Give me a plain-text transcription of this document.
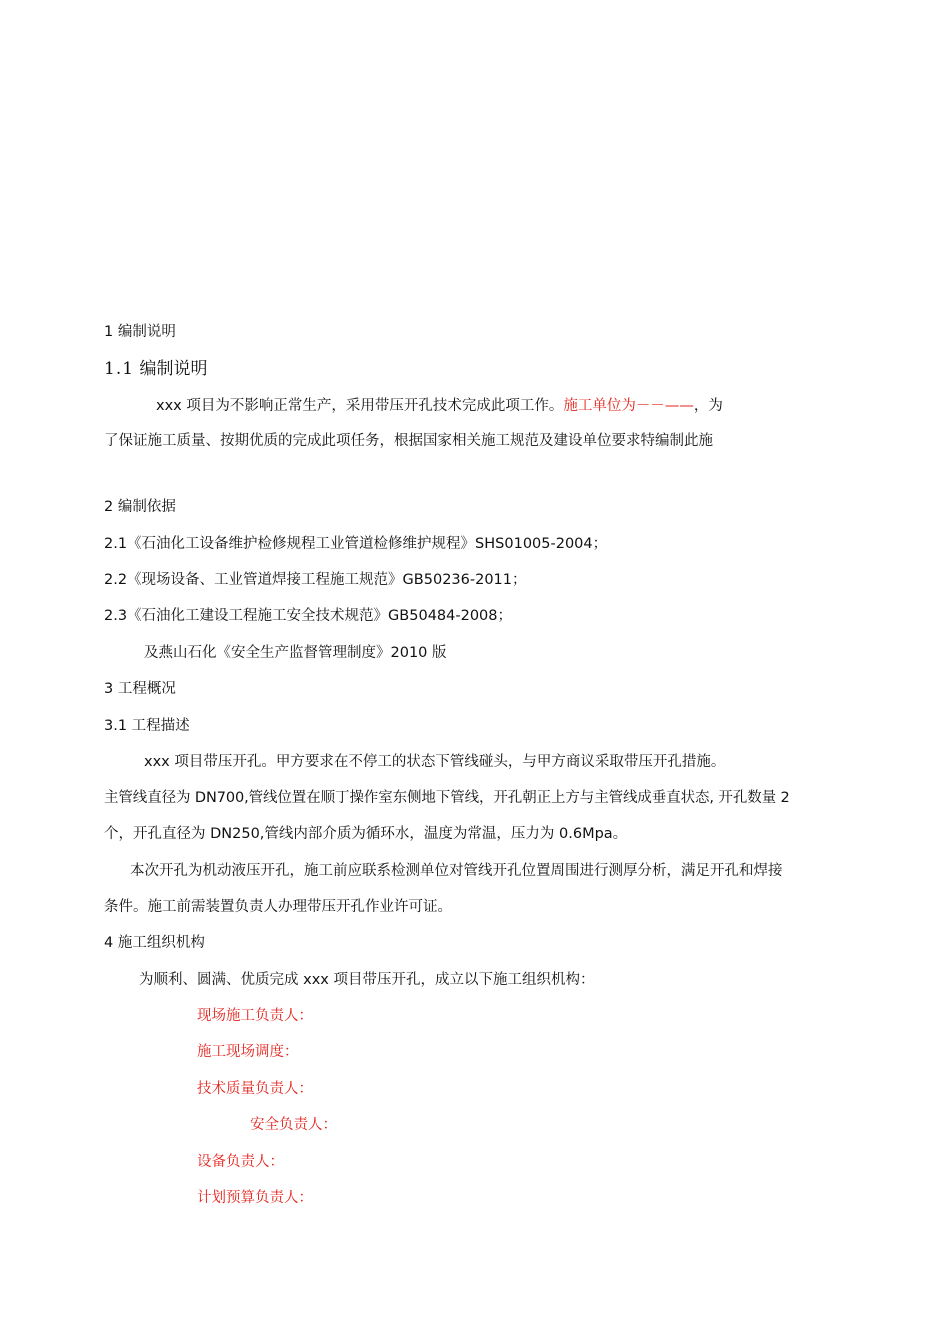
1 编制说明
1.1 编制说明
xxx 项目为不影响正常生产，采用带压开孔技术完成此项工作。施工单位为－－——，为
了保证施工质量、按期优质的完成此项任务，根据国家相关施工规范及建设单位要求特编制此施
2 编制依据
2.1《石油化工设备维护检修规程工业管道检修维护规程》SHS01005-2004；
2.2《现场设备、工业管道焊接工程施工规范》GB50236-2011；
2.3《石油化工建设工程施工安全技术规范》GB50484-2008；
及燕山石化《安全生产监督管理制度》2010 版
3 工程概况
3.1 工程描述
xxx 项目带压开孔。甲方要求在不停工的状态下管线碰头，与甲方商议采取带压开孔措施。
主管线直径为 DN700,管线位置在顺丁操作室东侧地下管线，开孔朝正上方与主管线成垂直状态, 开孔数量 2
个，开孔直径为 DN250,管线内部介质为循环水，温度为常温，压力为 0.6Mpa。
本次开孔为机动液压开孔，施工前应联系检测单位对管线开孔位置周围进行测厚分析，满足开孔和焊接
条件。施工前需装置负责人办理带压开孔作业许可证。
4 施工组织机构
为顺利、圆满、优质完成 xxx 项目带压开孔，成立以下施工组织机构：
现场施工负责人：
施工现场调度：
技术质量负责人：
安全负责人：
设备负责人：
计划预算负责人：
